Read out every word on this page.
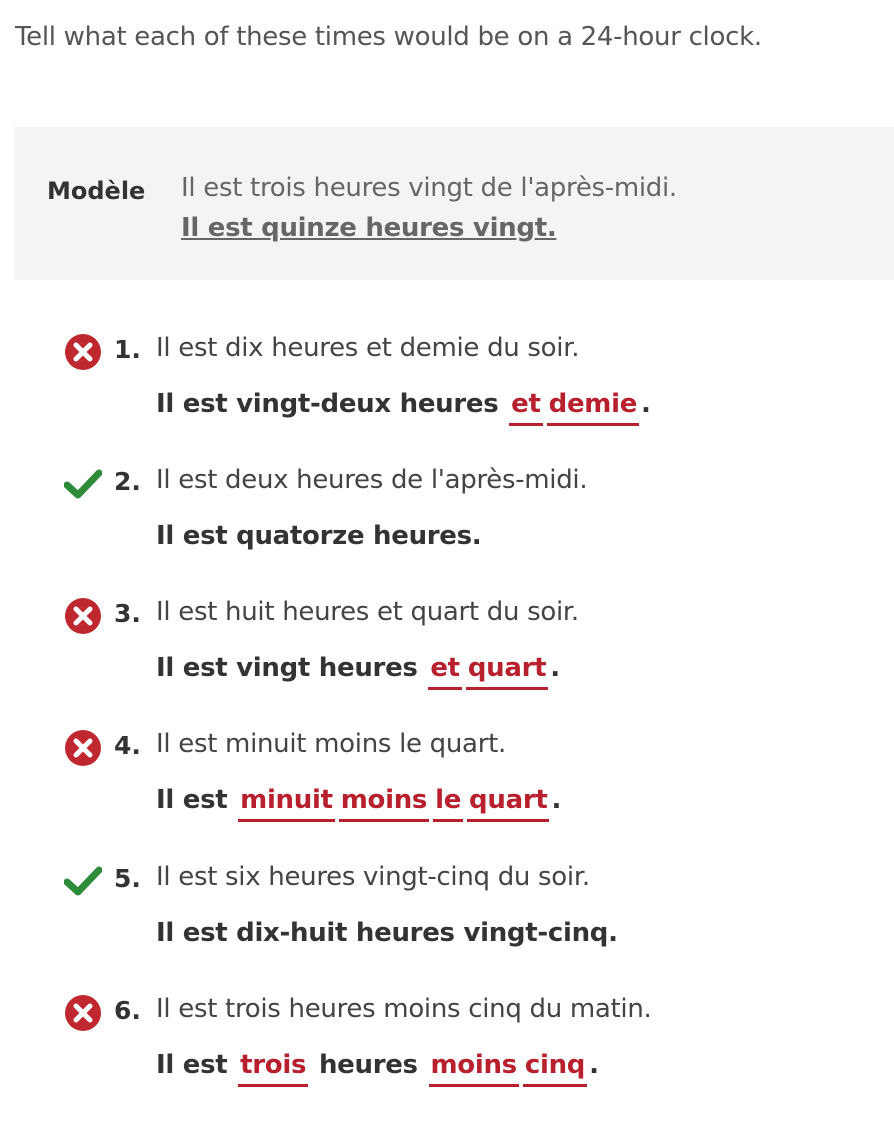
Tell what each of these times would be on a 24-hour clock.
Modèle Il est trois heures vingt de l'après-midi.
Il est quinze heures vingt.
1. Il est dix heures et demie du soir.
Il est vingt-deux heures et demie .
2. Il est deux heures de l'après-midi.
Il est quatorze heures.
3. Il est huit heures et quart du soir.
Il est vingt heures et quart .
4. Il est minuit moins le quart.
Il est minuit moins le quart .
5. Il est six heures vingt-cinq du soir.
Il est dix-huit heures vingt-cinq.
6. Il est trois heures moins cinq du matin.
Il est trois heures moins cinq .
